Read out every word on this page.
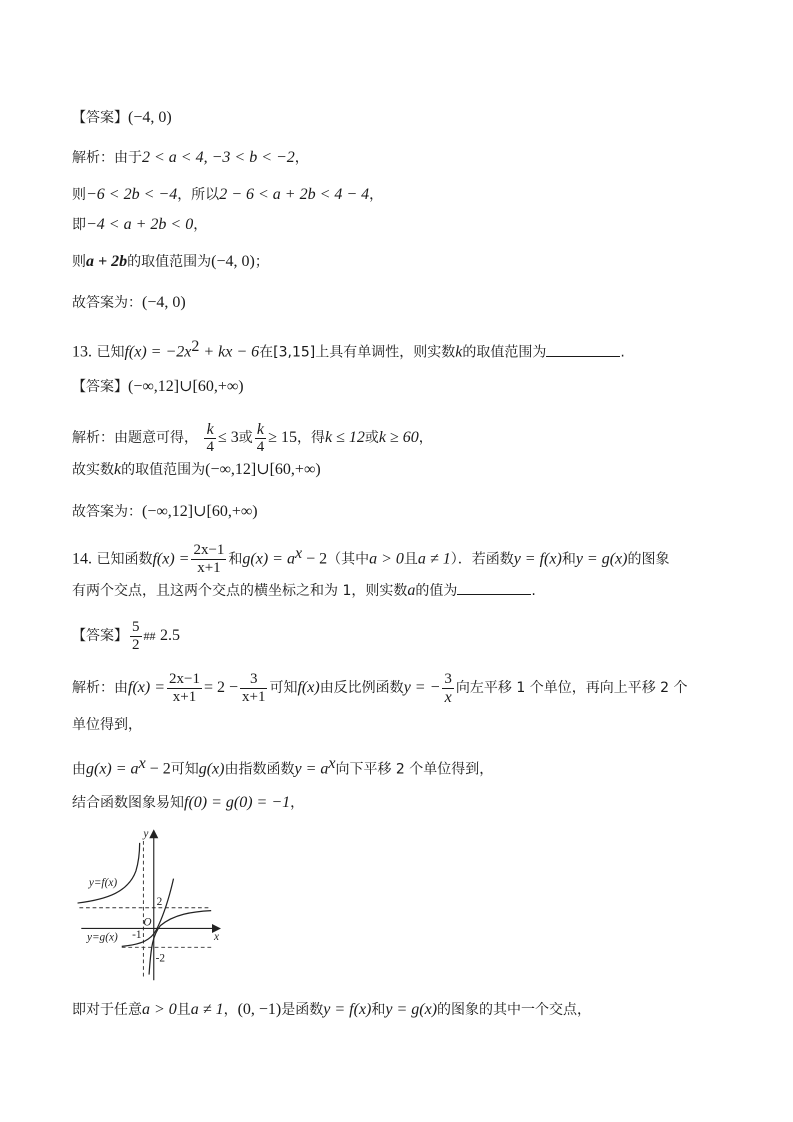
【答案】(−4, 0)
解析：由于2 < a < 4, −3 < b < −2，
则−6 < 2b < −4，所以2 − 6 < a + 2b < 4 − 4，
即−4 < a + 2b < 0，
则a + 2b的取值范围为(−4, 0)；
故答案为：(−4, 0)
13. 已知$f(x) = -2x^2$ + kx − 6在[3,15]上具有单调性，则实数k的取值范围为	.
【答案】(−∞,12]∪[60,+∞)
解析：由题意可得， $\frac{k}{4} \le 3$或 $\frac{k}{4} \ge 15$，得k ≤ 12或k ≥ 60，
故实数k的取值范围为(−∞,12]∪[60,+∞)
故答案为：(−∞,12]∪[60,+∞)
14. 已知函数$f(x) = \frac{2x-1}{x+1}$ 和$g(x) = a^x - 2$（其中a > 0且a ≠ 1）．若函数y = f(x)和y = g(x)的图象
有两个交点，且这两个交点的横坐标之和为 1，则实数a的值为	.
【答案】 $\frac{5}{2}$ ## 2.5
解析：由$f(x) = \frac{2x-1}{x+1} = 2 - \frac{3}{x+1}$ 可知f(x)由反比例函数y = − $\frac{3}{x}$ 向左平移 1 个单位，再向上平移 2 个
单位得到，
由$g(x) = a^x - 2$可知g(x)由指数函数$y = a^x$向下平移 2 个单位得到，
结合函数图象易知f(0) = g(0) = −1，
y=f(x)
y=g(x)	x
y
O
2
-1
-2
即对于任意a > 0且a ≠ 1，(0, −1)是函数y = f(x)和y = g(x)的图象的其中一个交点，
